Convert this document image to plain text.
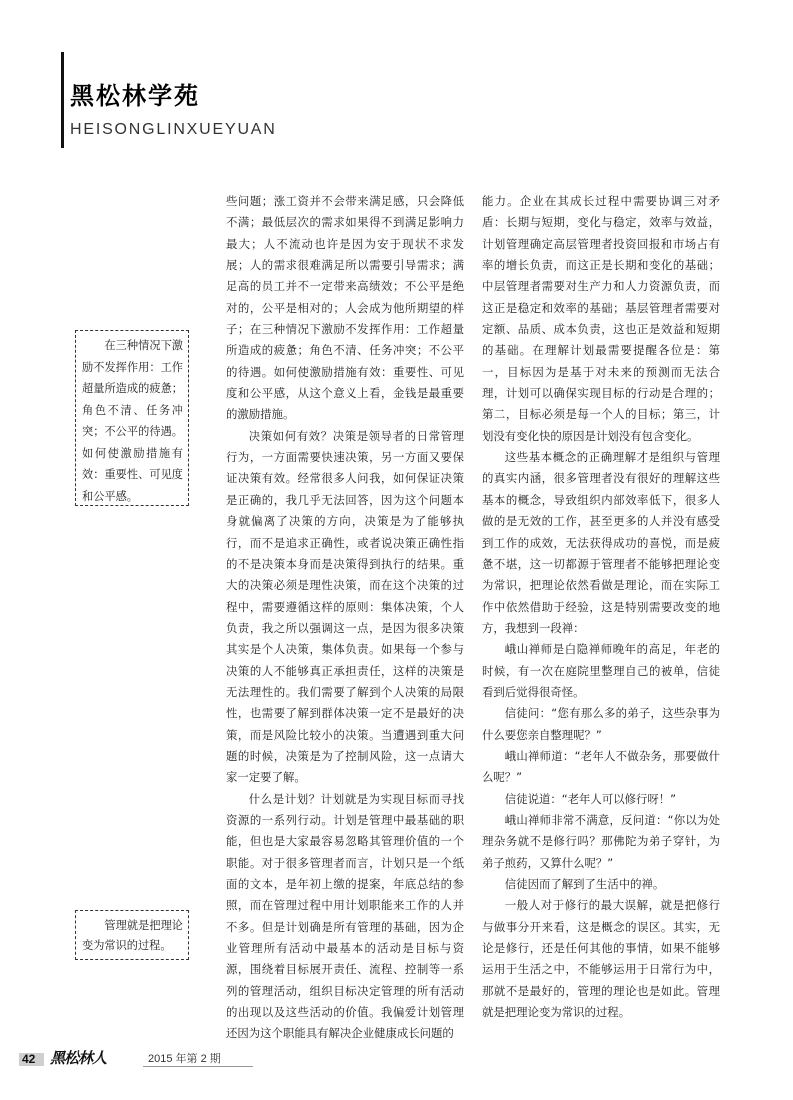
黑松林学苑
HEISONGLINXUEYUAN

在三种情况下激励不发挥作用：工作超量所造成的疲惫；角色不清、任务冲突；不公平的待遇。如何使激励措施有效：重要性、可见度和公平感。

管理就是把理论变为常识的过程。

些问题；涨工资并不会带来满足感，只会降低不满；最低层次的需求如果得不到满足影响力最大；人不流动也许是因为安于现状不求发展；人的需求很难满足所以需要引导需求；满足高的员工并不一定带来高绩效；不公平是绝对的，公平是相对的；人会成为他所期望的样子；在三种情况下激励不发挥作用：工作超量所造成的疲惫；角色不清、任务冲突；不公平的待遇。如何使激励措施有效：重要性、可见度和公平感，从这个意义上看，金钱是最重要的激励措施。

决策如何有效？决策是领导者的日常管理行为，一方面需要快速决策，另一方面又要保证决策有效。经常很多人问我，如何保证决策是正确的，我几乎无法回答，因为这个问题本身就偏离了决策的方向，决策是为了能够执行，而不是追求正确性，或者说决策正确性指的不是决策本身而是决策得到执行的结果。重大的决策必须是理性决策，而在这个决策的过程中，需要遵循这样的原则：集体决策，个人负责，我之所以强调这一点，是因为很多决策其实是个人决策，集体负责。如果每一个参与决策的人不能够真正承担责任，这样的决策是无法理性的。我们需要了解到个人决策的局限性，也需要了解到群体决策一定不是最好的决策，而是风险比较小的决策。当遭遇到重大问题的时候，决策是为了控制风险，这一点请大家一定要了解。

什么是计划？计划就是为实现目标而寻找资源的一系列行动。计划是管理中最基础的职能，但也是大家最容易忽略其管理价值的一个职能。对于很多管理者而言，计划只是一个纸面的文本，是年初上缴的提案，年底总结的参照，而在管理过程中用计划职能来工作的人并不多。但是计划确是所有管理的基础，因为企业管理所有活动中最基本的活动是目标与资源，围绕着目标展开责任、流程、控制等一系列的管理活动，组织目标决定管理的所有活动的出现以及这些活动的价值。我偏爱计划管理还因为这个职能具有解决企业健康成长问题的

能力。企业在其成长过程中需要协调三对矛盾：长期与短期，变化与稳定，效率与效益，计划管理确定高层管理者投资回报和市场占有率的增长负责，而这正是长期和变化的基础；中层管理者需要对生产力和人力资源负责，而这正是稳定和效率的基础；基层管理者需要对定额、品质、成本负责，这也正是效益和短期的基础。在理解计划最需要提醒各位是：第一，目标因为是基于对未来的预测而无法合理，计划可以确保实现目标的行动是合理的；第二，目标必须是每一个人的目标；第三，计划没有变化快的原因是计划没有包含变化。

这些基本概念的正确理解才是组织与管理的真实内涵，很多管理者没有很好的理解这些基本的概念，导致组织内部效率低下，很多人做的是无效的工作，甚至更多的人并没有感受到工作的成效，无法获得成功的喜悦，而是疲惫不堪，这一切都源于管理者不能够把理论变为常识，把理论依然看做是理论，而在实际工作中依然借助于经验，这是特别需要改变的地方，我想到一段禅：

峨山禅师是白隐禅师晚年的高足，年老的时候，有一次在庭院里整理自己的被单，信徒看到后觉得很奇怪。

信徒问：“您有那么多的弟子，这些杂事为什么要您亲自整理呢？”

峨山禅师道：“老年人不做杂务，那要做什么呢？”

信徒说道：“老年人可以修行呀！”

峨山禅师非常不满意，反问道：“你以为处理杂务就不是修行吗？那佛陀为弟子穿针，为弟子煎药，又算什么呢？”

信徒因而了解到了生活中的禅。

一般人对于修行的最大误解，就是把修行与做事分开来看，这是概念的误区。其实，无论是修行，还是任何其他的事情，如果不能够运用于生活之中，不能够运用于日常行为中，那就不是最好的，管理的理论也是如此。管理就是把理论变为常识的过程。

42 黑松林人	2015 年第 2 期
